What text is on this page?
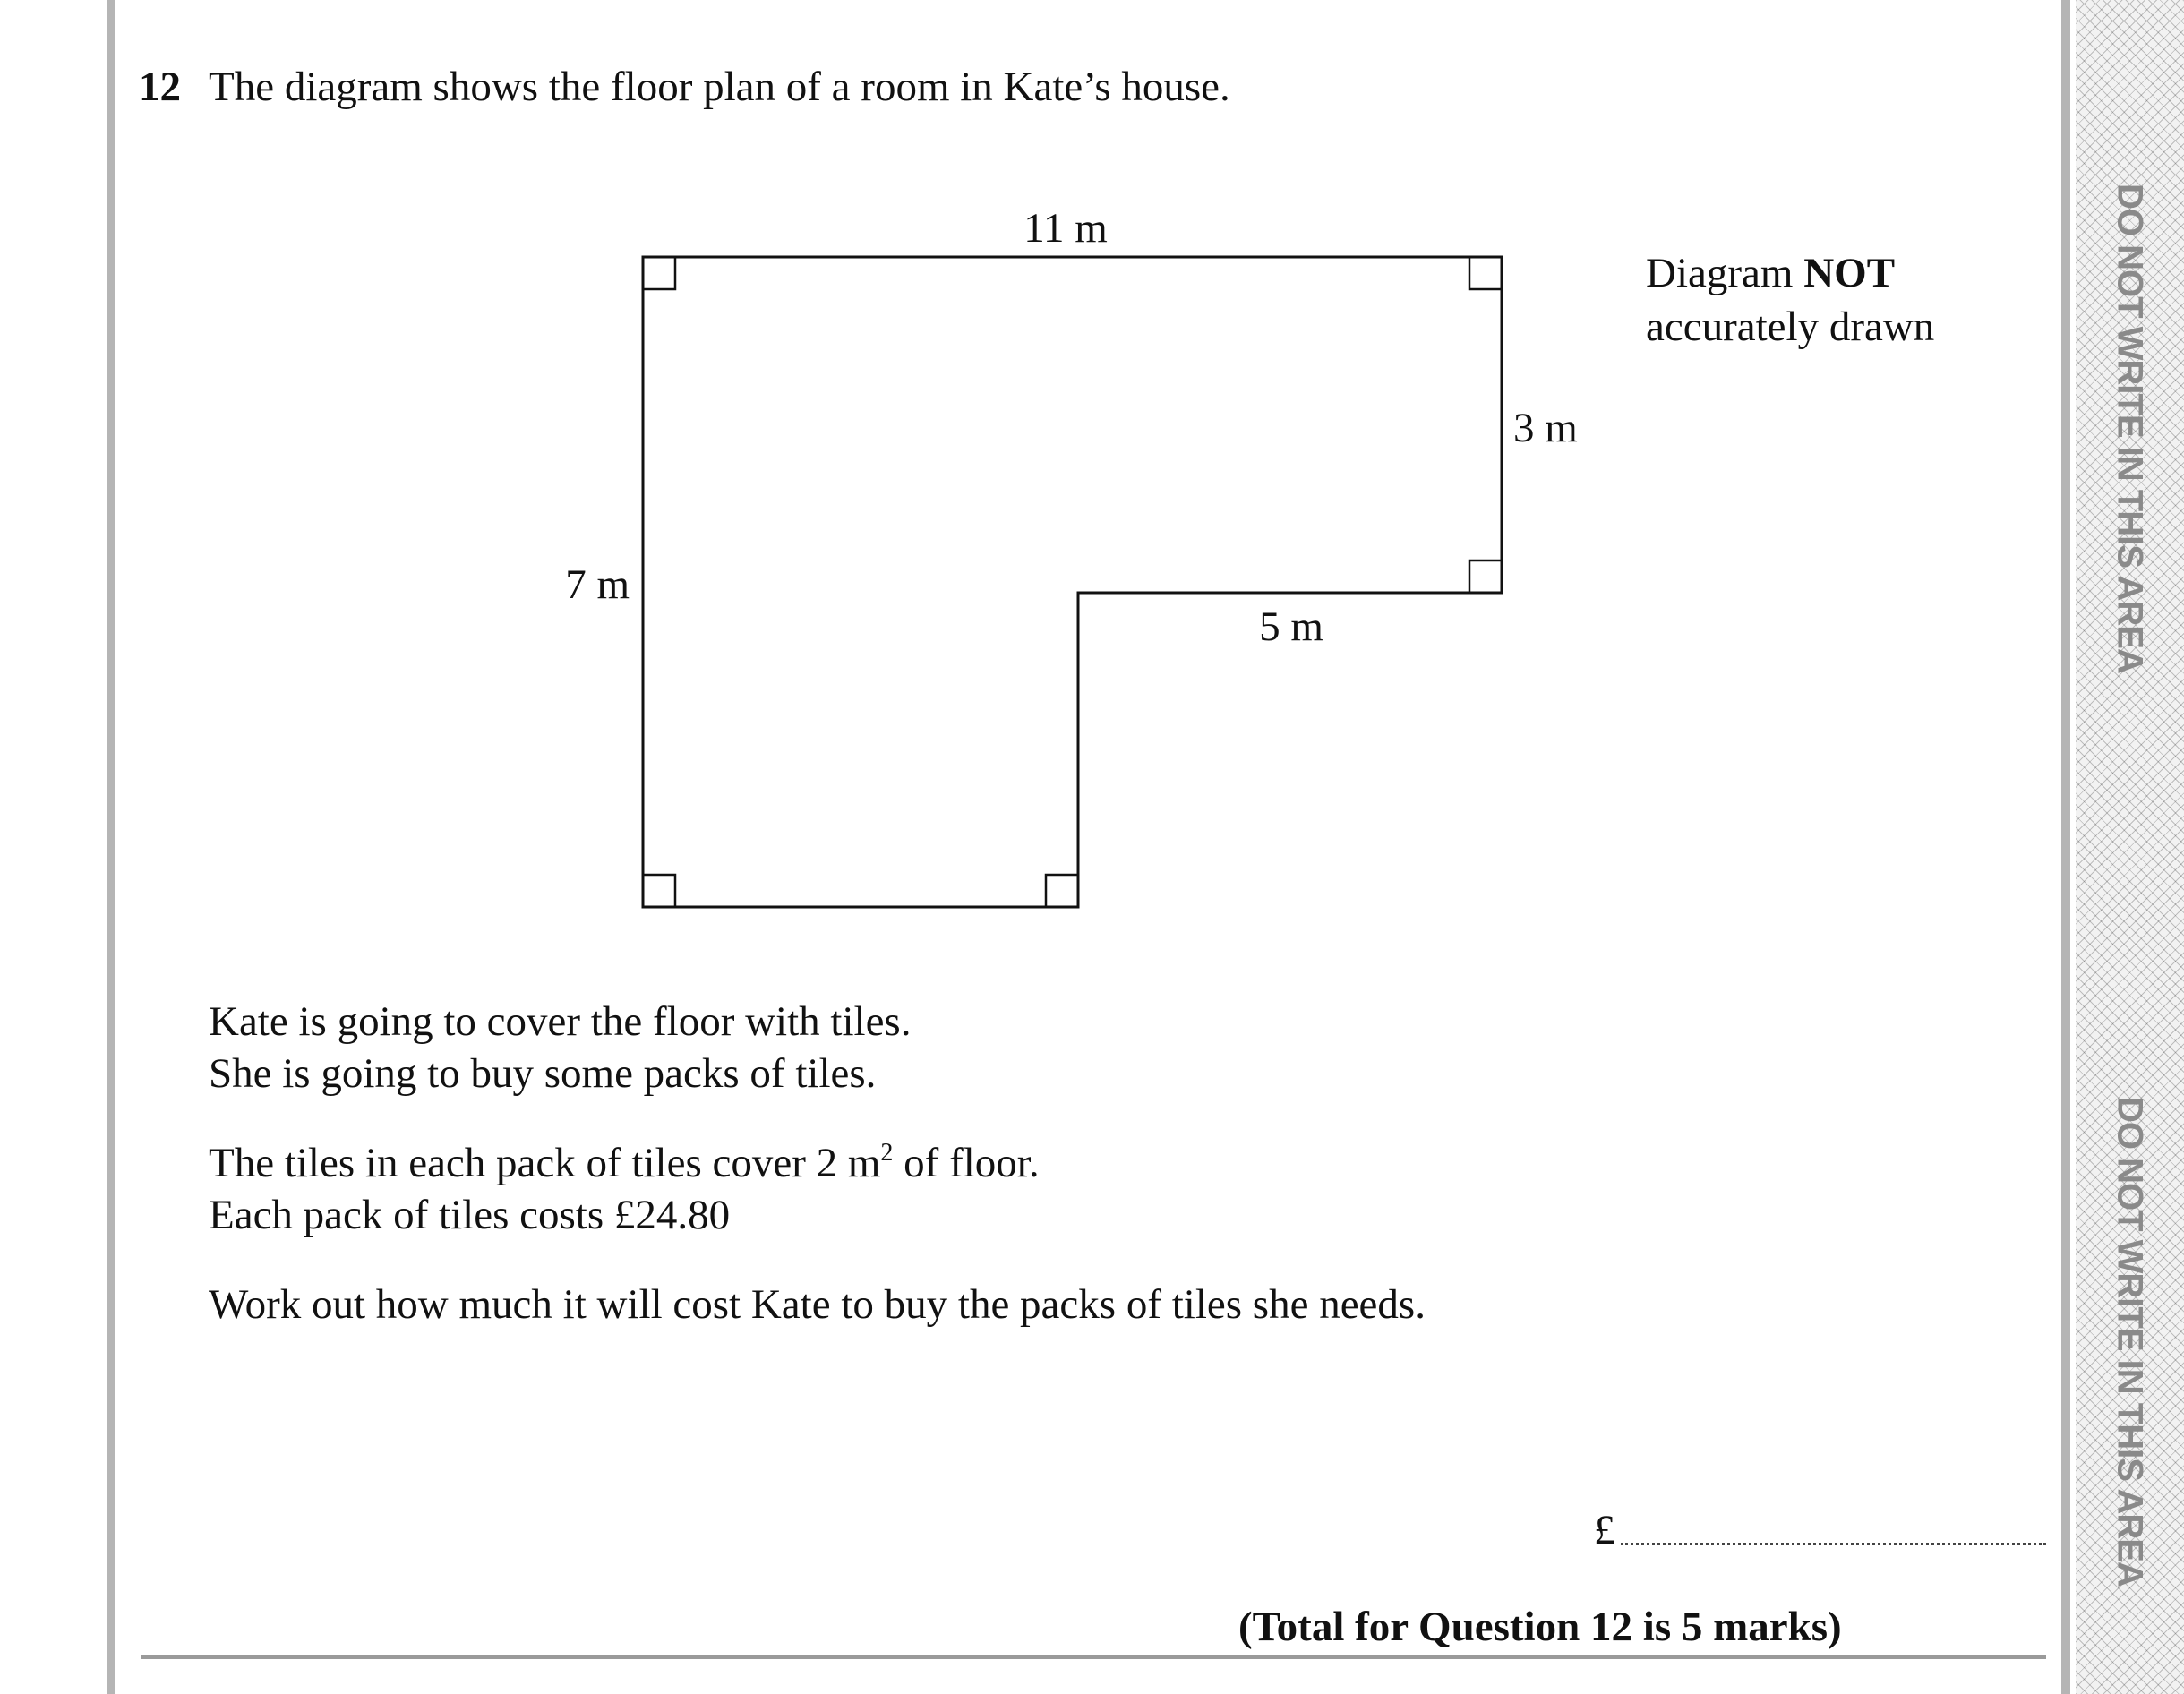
DO NOT WRITE IN THIS AREA
DO NOT WRITE IN THIS AREA
12 The diagram shows the floor plan of a room in Kate’s house.
11 m
3 m
7 m
5 m
Diagram NOT
accurately drawn
Kate is going to cover the floor with tiles.
She is going to buy some packs of tiles.
The tiles in each pack of tiles cover 2 $m^2$ of floor.
Each pack of tiles costs £24.80
Work out how much it will cost Kate to buy the packs of tiles she needs.
£
(Total for Question 12 is 5 marks)
